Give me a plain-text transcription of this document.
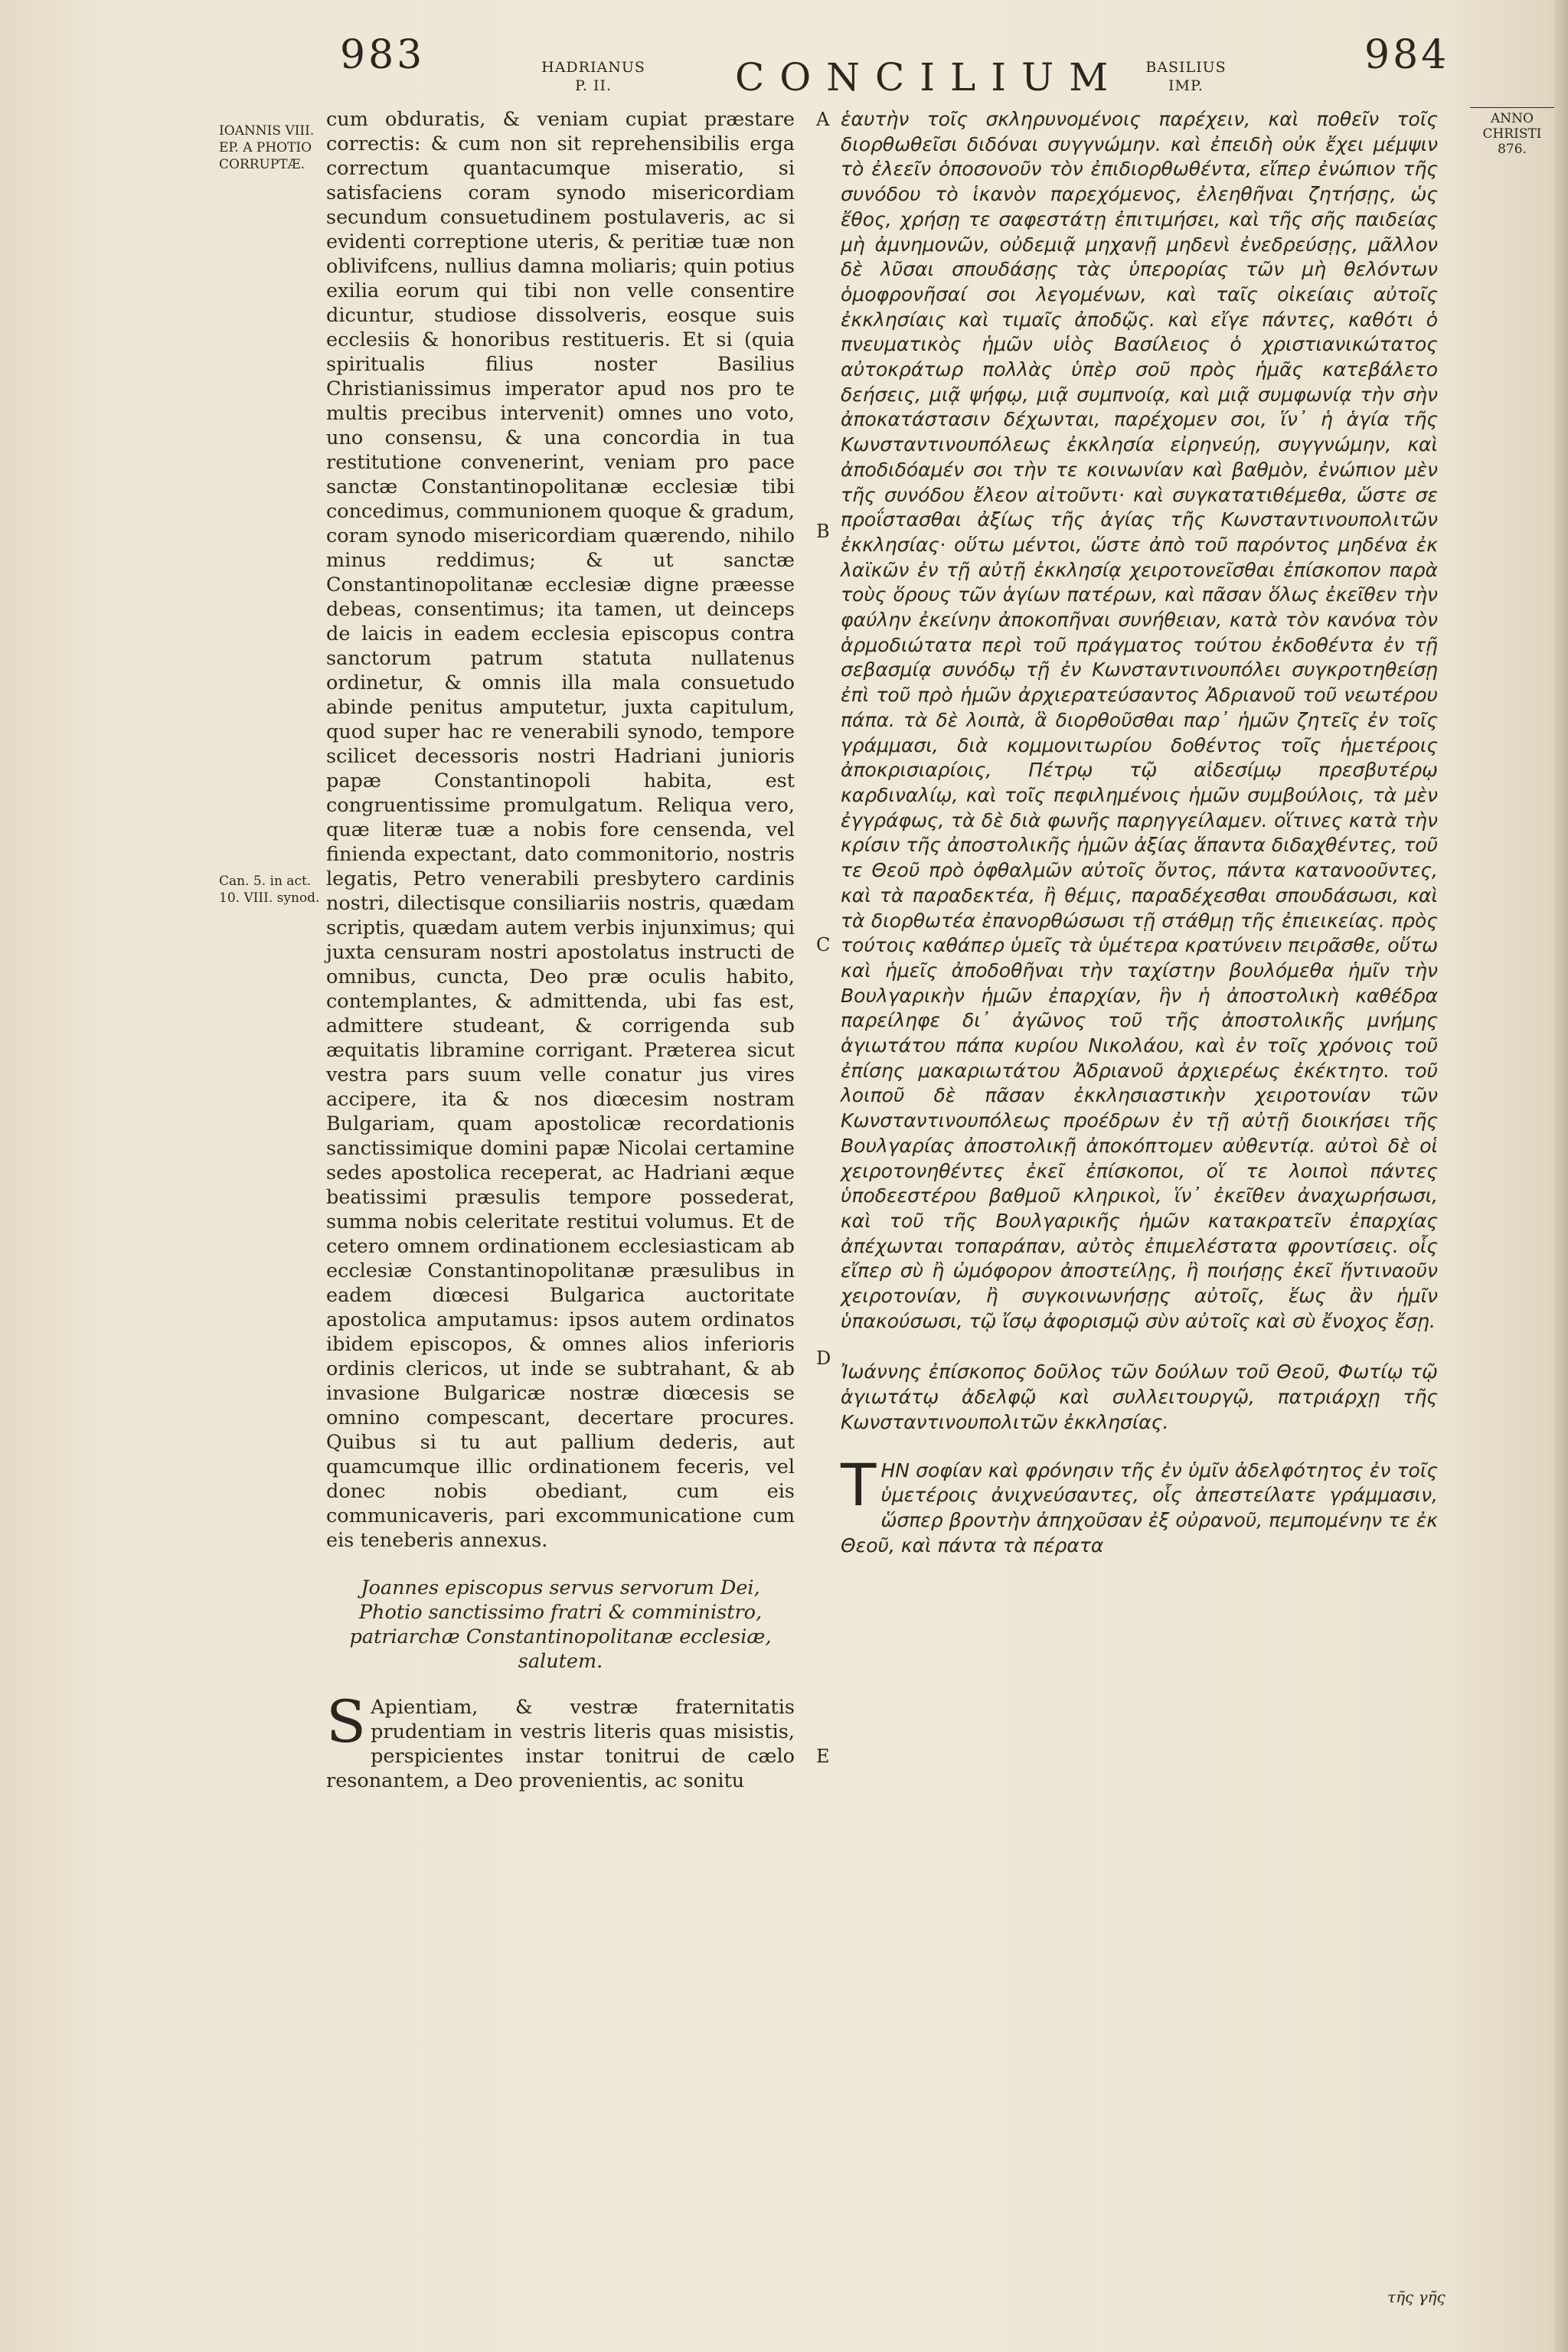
983	HADRIANUS
P. II.	CONCILIUM	BASILIUS
IMP.
984
IOANNIS VIII. EP. A PHOTIO CORRUPTÆ.
Can. 5. in act. 10. VIII. synod.
ANNO CHRISTI 876.
A
B
C
D
E

cum obduratis, & veniam cupiat præstare correctis: & cum non sit reprehensibilis erga correctum quantacumque miseratio, si satisfaciens coram synodo misericordiam secundum consuetudinem postulaveris, ac si evidenti correptione uteris, & peritiæ tuæ non oblivifcens, nullius damna moliaris; quin potius exilia eorum qui tibi non velle consentire dicuntur, studiose dissolveris, eosque suis ecclesiis & honoribus restitueris. Et si (quia spiritualis filius noster Basilius Christianissimus imperator apud nos pro te multis precibus intervenit) omnes uno voto, uno consensu, & una concordia in tua restitutione convenerint, veniam pro pace sanctæ Constantinopolitanæ ecclesiæ tibi concedimus, communionem quoque & gradum, coram synodo misericordiam quærendo, nihilo minus reddimus; & ut sanctæ Constantinopolitanæ ecclesiæ digne præesse debeas, consentimus; ita tamen, ut deinceps de laicis in eadem ecclesia episcopus contra sanctorum patrum statuta nullatenus ordinetur, & omnis illa mala consuetudo abinde penitus amputetur, juxta capitulum, quod super hac re venerabili synodo, tempore scilicet decessoris nostri Hadriani junioris papæ Constantinopoli habita, est congruentissime promulgatum. Reliqua vero, quæ literæ tuæ a nobis fore censenda, vel finienda expectant, dato commonitorio, nostris legatis, Petro venerabili presbytero cardinis nostri, dilectisque consiliariis nostris, quædam scriptis, quædam autem verbis injunximus; qui juxta censuram nostri apostolatus instructi de omnibus, cuncta, Deo præ oculis habito, contemplantes, & admittenda, ubi fas est, admittere studeant, & corrigenda sub æquitatis libramine corrigant. Præterea sicut vestra pars suum velle conatur jus vires accipere, ita & nos diœcesim nostram Bulgariam, quam apostolicæ recordationis sanctissimique domini papæ Nicolai certamine sedes apostolica receperat, ac Hadriani æque beatissimi præsulis tempore possederat, summa nobis celeritate restitui volumus. Et de cetero omnem ordinationem ecclesiasticam ab ecclesiæ Constantinopolitanæ præsulibus in eadem diœcesi Bulgarica auctoritate apostolica amputamus: ipsos autem ordinatos ibidem episcopos, & omnes alios inferioris ordinis clericos, ut inde se subtrahant, & ab invasione Bulgaricæ nostræ diœcesis se omnino compescant, decertare procures. Quibus si tu aut pallium dederis, aut quamcumque illic ordinationem feceris, vel donec nobis obediant, cum eis communicaveris, pari excommunicatione cum eis teneberis annexus.

Joannes episcopus servus servorum Dei, Photio sanctissimo fratri & comministro, patriarchæ Constantinopolitanæ ecclesiæ, salutem.

S Apientiam, & vestræ fraternitatis prudentiam in vestris literis quas misistis, perspicientes instar tonitrui de cælo resonantem, a Deo provenientis, ac sonitu

ἑαυτὴν τοῖς σκληρυνομένοις παρέχειν, καὶ ποθεῖν τοῖς διορθωθεῖσι διδόναι συγγνώμην. καὶ ἐπειδὴ οὐκ ἔχει μέμψιν τὸ ἐλεεῖν ὁποσονοῦν τὸν ἐπιδιορθωθέντα, εἴπερ ἐνώπιον τῆς συνόδου τὸ ἱκανὸν παρεχόμενος, ἐλεηθῆναι ζητήσῃς, ὡς ἔθος, χρήσῃ τε σαφεστάτῃ ἐπιτιμήσει, καὶ τῆς σῆς παιδείας μὴ ἀμνημονῶν, οὐδεμιᾷ μηχανῇ μηδενὶ ἐνεδρεύσῃς, μᾶλλον δὲ λῦσαι σπουδάσῃς τὰς ὑπερορίας τῶν μὴ θελόντων ὁμοφρονῆσαί σοι λεγομένων, καὶ ταῖς οἰκείαις αὐτοῖς ἐκκλησίαις καὶ τιμαῖς ἀποδῷς. καὶ εἴγε πάντες, καθότι ὁ πνευματικὸς ἡμῶν υἱὸς Βασίλειος ὁ χριστιανικώτατος αὐτοκράτωρ πολλὰς ὑπὲρ σοῦ πρὸς ἡμᾶς κατεβάλετο δεήσεις, μιᾷ ψήφῳ, μιᾷ συμπνοίᾳ, καὶ μιᾷ συμφωνίᾳ τὴν σὴν ἀποκατάστασιν δέχωνται, παρέχομεν σοι, ἵν᾽ ἡ ἁγία τῆς Κωνσταντινουπόλεως ἐκκλησία εἰρηνεύῃ, συγγνώμην, καὶ ἀποδιδόαμέν σοι τὴν τε κοινωνίαν καὶ βαθμὸν, ἐνώπιον μὲν τῆς συνόδου ἔλεον αἰτοῦντι· καὶ συγκατατιθέμεθα, ὥστε σε προΐστασθαι ἀξίως τῆς ἁγίας τῆς Κωνσταντινουπολιτῶν ἐκκλησίας· οὕτω μέντοι, ὥστε ἀπὸ τοῦ παρόντος μηδένα ἐκ λαϊκῶν ἐν τῇ αὐτῇ ἐκκλησίᾳ χειροτονεῖσθαι ἐπίσκοπον παρὰ τοὺς ὅρους τῶν ἁγίων πατέρων, καὶ πᾶσαν ὅλως ἐκεῖθεν τὴν φαύλην ἐκείνην ἀποκοπῆναι συνήθειαν, κατὰ τὸν κανόνα τὸν ἁρμοδιώτατα περὶ τοῦ πράγματος τούτου ἐκδοθέντα ἐν τῇ σεβασμίᾳ συνόδῳ τῇ ἐν Κωνσταντινουπόλει συγκροτηθείσῃ ἐπὶ τοῦ πρὸ ἡμῶν ἀρχιερατεύσαντος Ἀδριανοῦ τοῦ νεωτέρου πάπα. τὰ δὲ λοιπὰ, ἃ διορθοῦσθαι παρ᾽ ἡμῶν ζητεῖς ἐν τοῖς γράμμασι, διὰ κομμονιτωρίου δοθέντος τοῖς ἡμετέροις ἀποκρισιαρίοις, Πέτρῳ τῷ αἰδεσίμῳ πρεσβυτέρῳ καρδιναλίῳ, καὶ τοῖς πεφιλημένοις ἡμῶν συμβούλοις, τὰ μὲν ἐγγράφως, τὰ δὲ διὰ φωνῆς παρηγγείλαμεν. οἵτινες κατὰ τὴν κρίσιν τῆς ἀποστολικῆς ἡμῶν ἀξίας ἅπαντα διδαχθέντες, τοῦ τε Θεοῦ πρὸ ὀφθαλμῶν αὐτοῖς ὄντος, πάντα κατανοοῦντες, καὶ τὰ παραδεκτέα, ἢ θέμις, παραδέχεσθαι σπουδάσωσι, καὶ τὰ διορθωτέα ἐπανορθώσωσι τῇ στάθμῃ τῆς ἐπιεικείας. πρὸς τούτοις καθάπερ ὑμεῖς τὰ ὑμέτερα κρατύνειν πειρᾶσθε, οὕτω καὶ ἡμεῖς ἀποδοθῆναι τὴν ταχίστην βουλόμεθα ἡμῖν τὴν Βουλγαρικὴν ἡμῶν ἐπαρχίαν, ἣν ἡ ἀποστολικὴ καθέδρα παρείληφε δι᾽ ἀγῶνος τοῦ τῆς ἀποστολικῆς μνήμης ἁγιωτάτου πάπα κυρίου Νικολάου, καὶ ἐν τοῖς χρόνοις τοῦ ἐπίσης μακαριωτάτου Ἀδριανοῦ ἀρχιερέως ἐκέκτητο. τοῦ λοιποῦ δὲ πᾶσαν ἐκκλησιαστικὴν χειροτονίαν τῶν Κωνσταντινουπόλεως προέδρων ἐν τῇ αὐτῇ διοικήσει τῆς Βουλγαρίας ἀποστολικῇ ἀποκόπτομεν αὐθεντίᾳ. αὐτοὶ δὲ οἱ χειροτονηθέντες ἐκεῖ ἐπίσκοποι, οἵ τε λοιποὶ πάντες ὑποδεεστέρου βαθμοῦ κληρικοὶ, ἵν᾽ ἐκεῖθεν ἀναχωρήσωσι, καὶ τοῦ τῆς Βουλγαρικῆς ἡμῶν κατακρατεῖν ἐπαρχίας ἀπέχωνται τοπαράπαν, αὐτὸς ἐπιμελέστατα φροντίσεις. οἷς εἴπερ σὺ ἢ ὠμόφορον ἀποστείλῃς, ἢ ποιήσῃς ἐκεῖ ἥντιναοῦν χειροτονίαν, ἢ συγκοινωνήσῃς αὐτοῖς, ἕως ἂν ἡμῖν ὑπακούσωσι, τῷ ἴσῳ ἀφορισμῷ σὺν αὐτοῖς καὶ σὺ ἔνοχος ἔσῃ.

Ἰωάννης ἐπίσκοπος δοῦλος τῶν δούλων τοῦ Θεοῦ, Φωτίῳ τῷ ἁγιωτάτῳ ἀδελφῷ καὶ συλλειτουργῷ, πατριάρχῃ τῆς Κωνσταντινουπολιτῶν ἐκκλησίας.

ΤΗΝ σοφίαν καὶ φρόνησιν τῆς ἐν ὑμῖν ἀδελφότητος ἐν τοῖς ὑμετέροις ἀνιχνεύσαντες, οἷς ἀπεστείλατε γράμμασιν, ὥσπερ βροντὴν ἀπηχοῦσαν ἐξ οὐρανοῦ, πεμπομένην τε ἐκ Θεοῦ, καὶ πάντα τὰ πέρατα

τῆς γῆς
